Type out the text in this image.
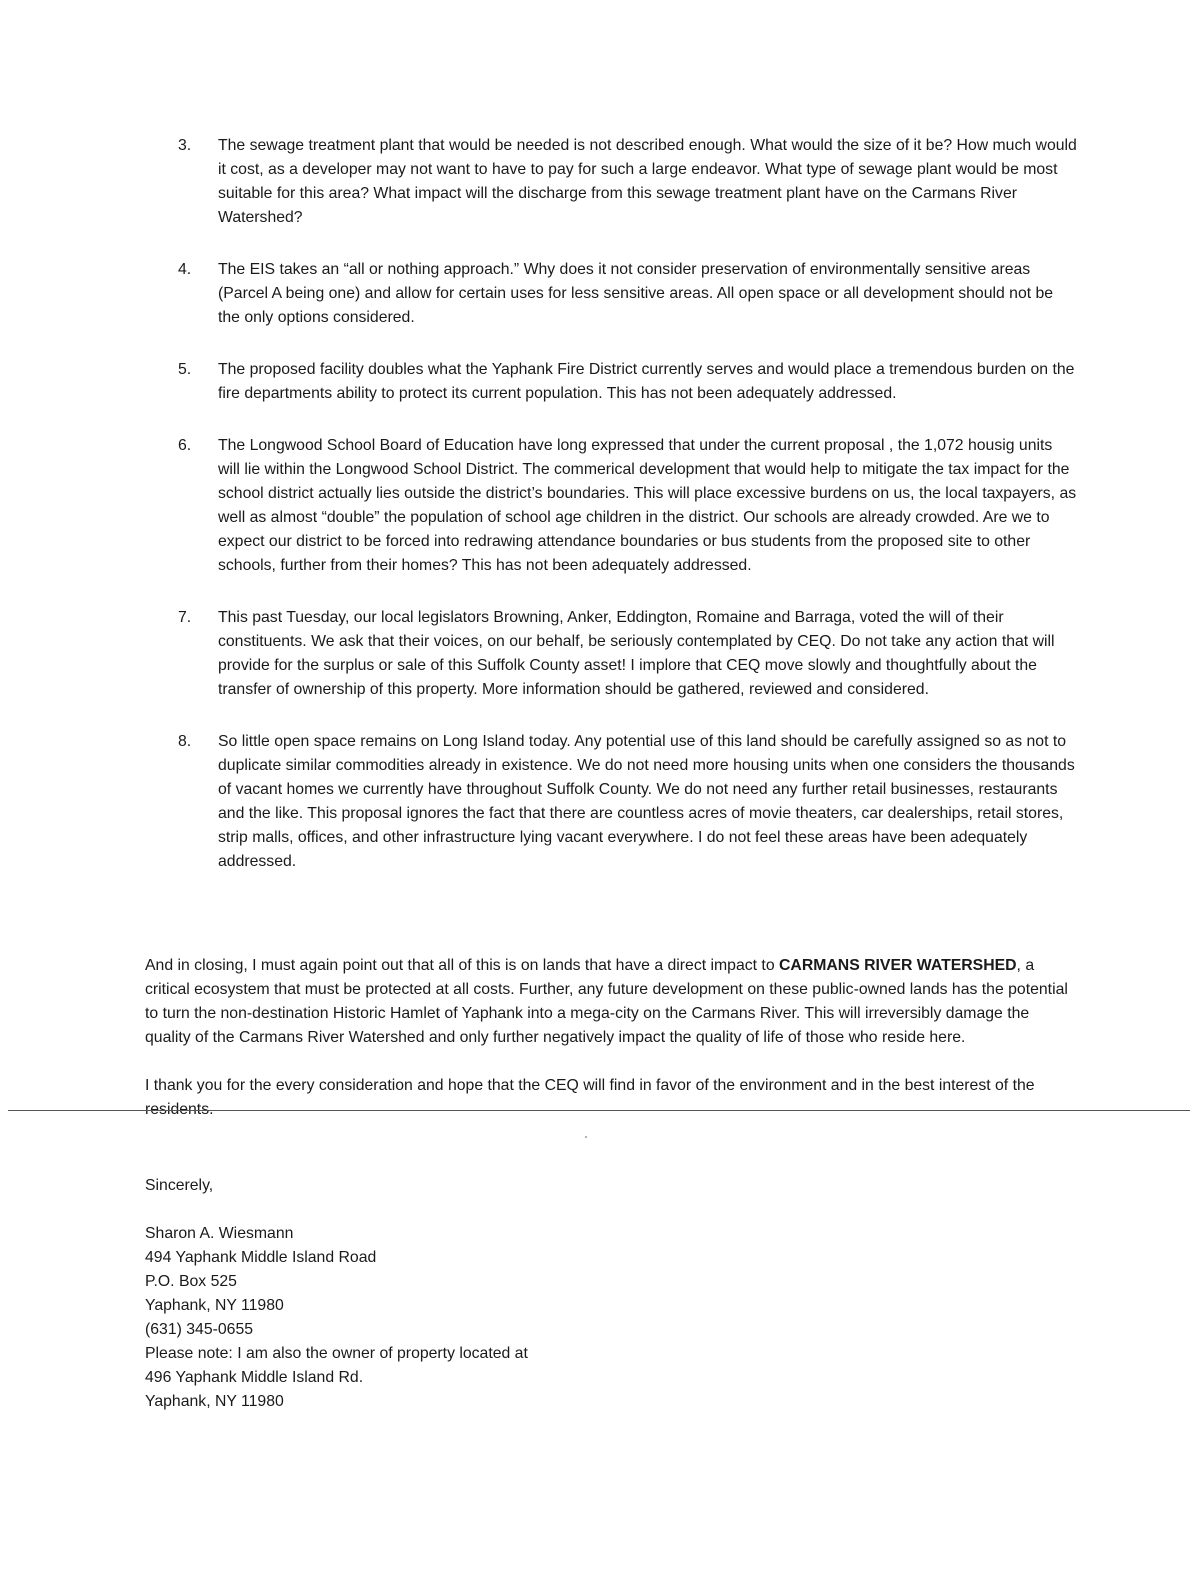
3.	The sewage treatment plant that would be needed is not described enough. What would the size of it be? How much would it cost, as a developer may not want to have to pay for such a large endeavor. What type of sewage plant would be most suitable for this area? What impact will the discharge from this sewage treatment plant have on the Carmans River Watershed?
4.	The EIS takes an “all or nothing approach.” Why does it not consider preservation of environmentally sensitive areas (Parcel A being one) and allow for certain uses for less sensitive areas. All open space or all development should not be the only options considered.
5.	The proposed facility doubles what the Yaphank Fire District currently serves and would place a tremendous burden on the fire departments ability to protect its current population. This has not been adequately addressed.
6.	The Longwood School Board of Education have long expressed that under the current proposal , the 1,072 housig units will lie within the Longwood School District. The commerical development that would help to mitigate the tax impact for the school district actually lies outside the district’s boundaries. This will place excessive burdens on us, the local taxpayers, as well as almost “double” the population of school age children in the district. Our schools are already crowded. Are we to expect our district to be forced into redrawing attendance boundaries or bus students from the proposed site to other schools, further from their homes? This has not been adequately addressed.
7.	This past Tuesday, our local legislators Browning, Anker, Eddington, Romaine and Barraga, voted the will of their constituents. We ask that their voices, on our behalf, be seriously contemplated by CEQ. Do not take any action that will provide for the surplus or sale of this Suffolk County asset! I implore that CEQ move slowly and thoughtfully about the transfer of ownership of this property. More information should be gathered, reviewed and considered.
8.	So little open space remains on Long Island today. Any potential use of this land should be carefully assigned so as not to duplicate similar commodities already in existence. We do not need more housing units when one considers the thousands of vacant homes we currently have throughout Suffolk County. We do not need any further retail businesses, restaurants and the like. This proposal ignores the fact that there are countless acres of movie theaters, car dealerships, retail stores, strip malls, offices, and other infrastructure lying vacant everywhere. I do not feel these areas have been adequately addressed.

And in closing, I must again point out that all of this is on lands that have a direct impact to CARMANS RIVER WATERSHED, a critical ecosystem that must be protected at all costs. Further, any future development on these public-owned lands has the potential to turn the non-destination Historic Hamlet of Yaphank into a mega-city on the Carmans River. This will irreversibly damage the quality of the Carmans River Watershed and only further negatively impact the quality of life of those who reside here.

I thank you for the every consideration and hope that the CEQ will find in favor of the environment and in the best interest of the residents.

Sincerely,
Sharon A. Wiesmann
494 Yaphank Middle Island Road
P.O. Box 525
Yaphank, NY 11980
(631) 345-0655
Please note: I am also the owner of property located at
496 Yaphank Middle Island Rd.
Yaphank, NY 11980
